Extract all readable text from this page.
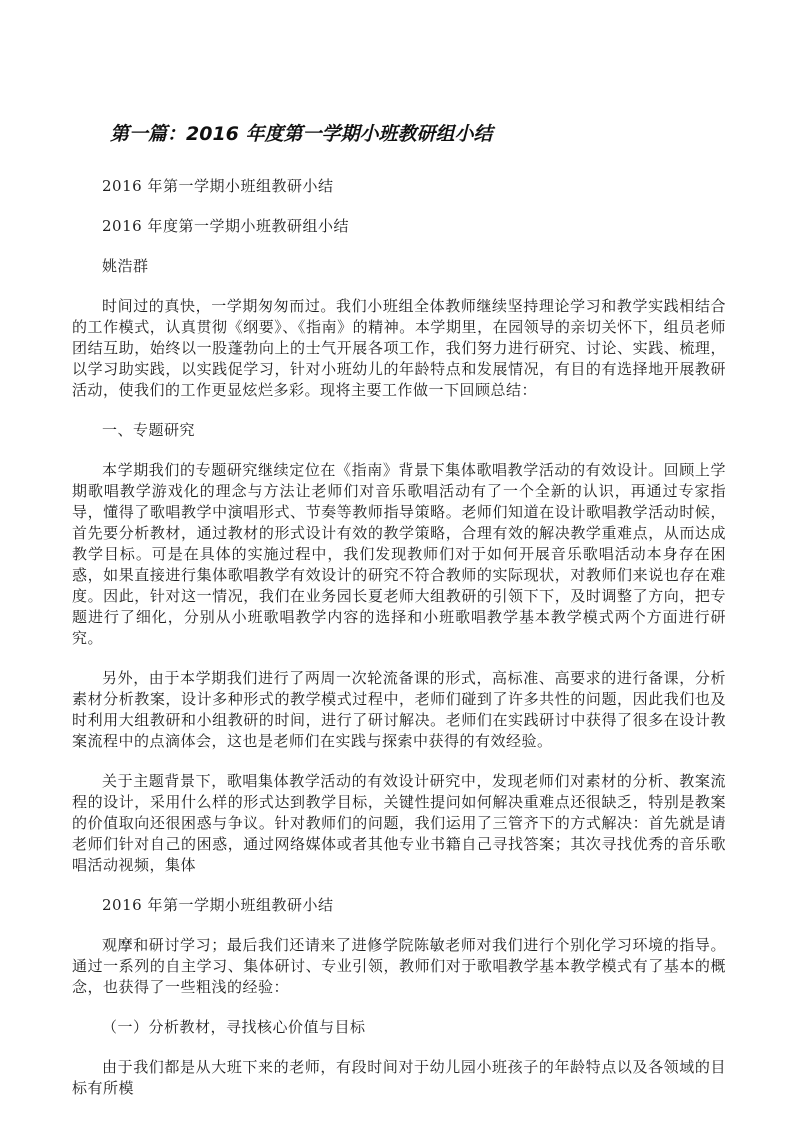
第一篇：2016 年度第一学期小班教研组小结

2016 年第一学期小班组教研小结

2016 年度第一学期小班教研组小结

姚浩群

时间过的真快，一学期匆匆而过。我们小班组全体教师继续坚持理论学习和教学实践相结合的工作模式，认真贯彻《纲要》、《指南》的精神。本学期里，在园领导的亲切关怀下，组员老师团结互助，始终以一股蓬勃向上的士气开展各项工作，我们努力进行研究、讨论、实践、梳理，以学习助实践，以实践促学习，针对小班幼儿的年龄特点和发展情况，有目的有选择地开展教研活动，使我们的工作更显炫烂多彩。现将主要工作做一下回顾总结：

一、专题研究

本学期我们的专题研究继续定位在《指南》背景下集体歌唱教学活动的有效设计。回顾上学期歌唱教学游戏化的理念与方法让老师们对音乐歌唱活动有了一个全新的认识，再通过专家指导，懂得了歌唱教学中演唱形式、节奏等教师指导策略。老师们知道在设计歌唱教学活动时候，首先要分析教材，通过教材的形式设计有效的教学策略，合理有效的解决教学重难点，从而达成教学目标。可是在具体的实施过程中，我们发现教师们对于如何开展音乐歌唱活动本身存在困惑，如果直接进行集体歌唱教学有效设计的研究不符合教师的实际现状，对教师们来说也存在难度。因此，针对这一情况，我们在业务园长夏老师大组教研的引领下下，及时调整了方向，把专题进行了细化，分别从小班歌唱教学内容的选择和小班歌唱教学基本教学模式两个方面进行研究。

另外，由于本学期我们进行了两周一次轮流备课的形式，高标准、高要求的进行备课，分析素材分析教案，设计多种形式的教学模式过程中，老师们碰到了许多共性的问题，因此我们也及时利用大组教研和小组教研的时间，进行了研讨解决。老师们在实践研讨中获得了很多在设计教案流程中的点滴体会，这也是老师们在实践与探索中获得的有效经验。

关于主题背景下，歌唱集体教学活动的有效设计研究中，发现老师们对素材的分析、教案流程的设计，采用什么样的形式达到教学目标，关键性提问如何解决重难点还很缺乏，特别是教案的价值取向还很困惑与争议。针对教师们的问题，我们运用了三管齐下的方式解决：首先就是请老师们针对自己的困惑，通过网络媒体或者其他专业书籍自己寻找答案；其次寻找优秀的音乐歌唱活动视频，集体

2016 年第一学期小班组教研小结

观摩和研讨学习；最后我们还请来了进修学院陈敏老师对我们进行个别化学习环境的指导。通过一系列的自主学习、集体研讨、专业引领，教师们对于歌唱教学基本教学模式有了基本的概念，也获得了一些粗浅的经验：

（一）分析教材，寻找核心价值与目标

由于我们都是从大班下来的老师，有段时间对于幼儿园小班孩子的年龄特点以及各领域的目标有所模
